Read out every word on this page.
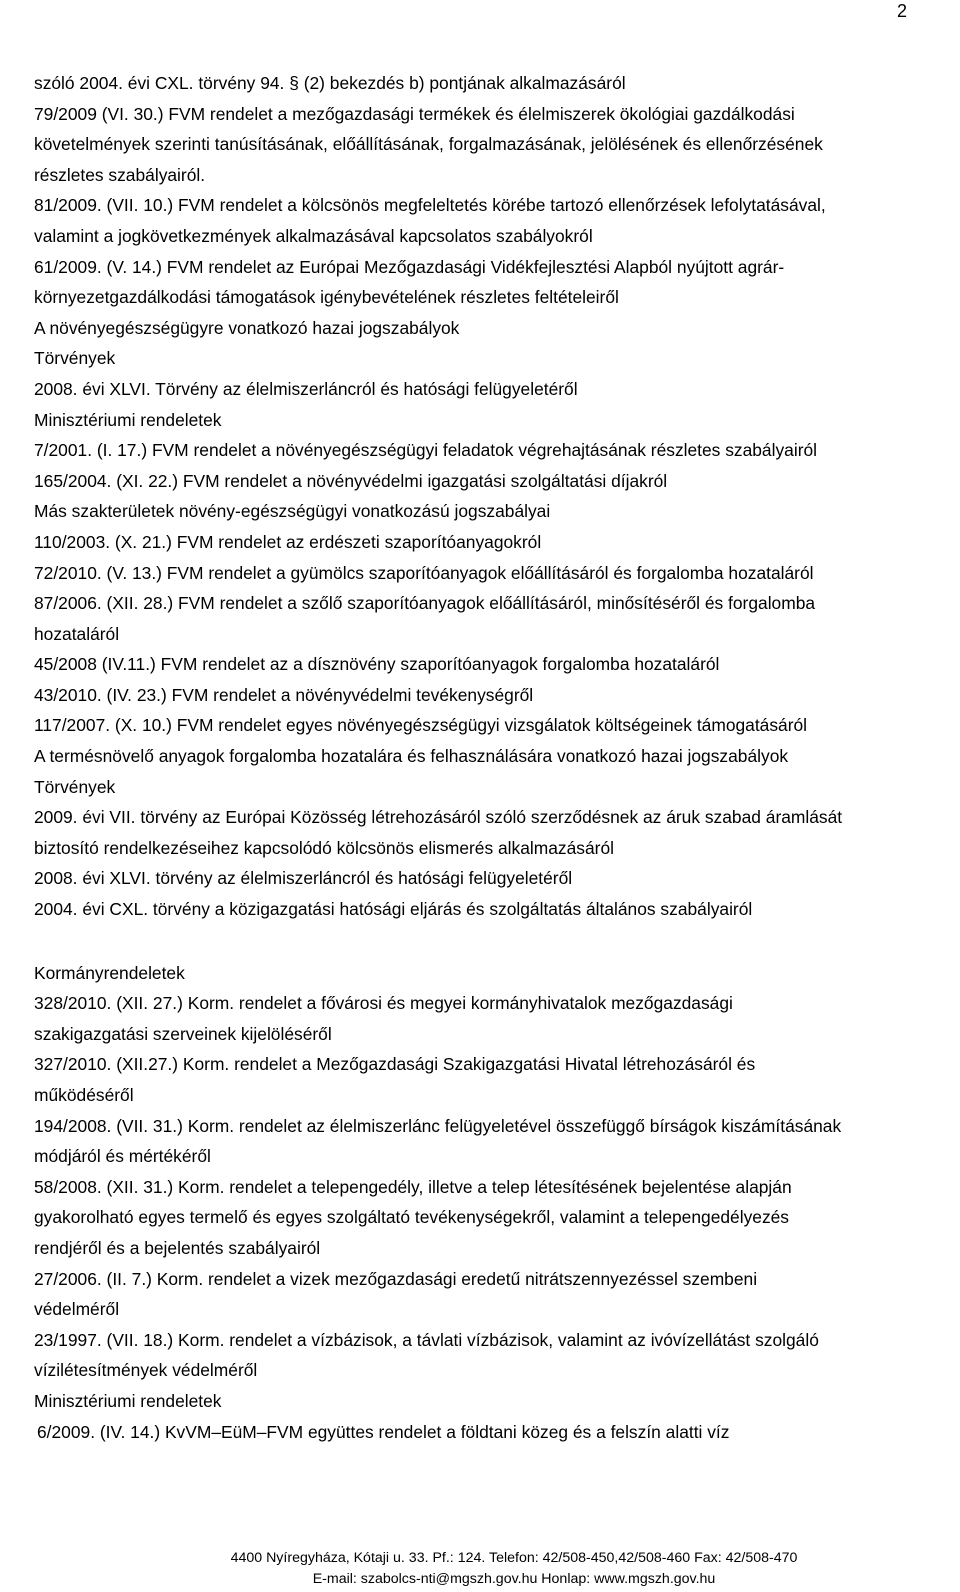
2
szóló 2004. évi CXL. törvény 94. § (2) bekezdés b) pontjának alkalmazásáról
79/2009 (VI. 30.) FVM rendelet a mezőgazdasági termékek és élelmiszerek ökológiai gazdálkodási
követelmények szerinti tanúsításának, előállításának, forgalmazásának, jelölésének és ellenőrzésének
részletes szabályairól.
81/2009. (VII. 10.) FVM rendelet a kölcsönös megfeleltetés körébe tartozó ellenőrzések lefolytatásával,
valamint a jogkövetkezmények alkalmazásával kapcsolatos szabályokról
61/2009. (V. 14.) FVM rendelet az Európai Mezőgazdasági Vidékfejlesztési Alapból nyújtott agrár-
környezetgazdálkodási támogatások igénybevételének részletes feltételeiről
A növényegészségügyre vonatkozó hazai jogszabályok
Törvények
2008. évi XLVI. Törvény az élelmiszerláncról és hatósági felügyeletéről
Minisztériumi rendeletek
7/2001. (I. 17.) FVM rendelet a növényegészségügyi feladatok végrehajtásának részletes szabályairól
165/2004. (XI. 22.) FVM rendelet a növényvédelmi igazgatási szolgáltatási díjakról
Más szakterületek növény-egészségügyi vonatkozású jogszabályai
110/2003. (X. 21.) FVM rendelet az erdészeti szaporítóanyagokról
72/2010. (V. 13.) FVM rendelet a gyümölcs szaporítóanyagok előállításáról és forgalomba hozataláról
87/2006. (XII. 28.) FVM rendelet a szőlő szaporítóanyagok előállításáról, minősítéséről és forgalomba
hozataláról
45/2008 (IV.11.) FVM rendelet az a dísznövény szaporítóanyagok forgalomba hozataláról
43/2010. (IV. 23.) FVM rendelet a növényvédelmi tevékenységről
117/2007. (X. 10.) FVM rendelet egyes növényegészségügyi vizsgálatok költségeinek támogatásáról
A termésnövelő anyagok forgalomba hozatalára és felhasználására vonatkozó hazai jogszabályok
Törvények
2009. évi VII. törvény az Európai Közösség létrehozásáról szóló szerződésnek az áruk szabad áramlását
biztosító rendelkezéseihez kapcsolódó kölcsönös elismerés alkalmazásáról
2008. évi XLVI. törvény az élelmiszerláncról és hatósági felügyeletéről
2004. évi CXL. törvény a közigazgatási hatósági eljárás és szolgáltatás általános szabályairól
Kormányrendeletek
328/2010. (XII. 27.) Korm. rendelet a fővárosi és megyei kormányhivatalok mezőgazdasági
szakigazgatási szerveinek kijelöléséről
327/2010. (XII.27.) Korm. rendelet a Mezőgazdasági Szakigazgatási Hivatal létrehozásáról és
működéséről
194/2008. (VII. 31.) Korm. rendelet az élelmiszerlánc felügyeletével összefüggő bírságok kiszámításának
módjáról és mértékéről
58/2008. (XII. 31.) Korm. rendelet a telepengedély, illetve a telep létesítésének bejelentése alapján
gyakorolható egyes termelő és egyes szolgáltató tevékenységekről, valamint a telepengedélyezés
rendjéről és a bejelentés szabályairól
27/2006. (II. 7.) Korm. rendelet a vizek mezőgazdasági eredetű nitrátszennyezéssel szembeni
védelméről
23/1997. (VII. 18.) Korm. rendelet a vízbázisok, a távlati vízbázisok, valamint az ivóvízellátást szolgáló
vízilétesítmények védelméről
Minisztériumi rendeletek
6/2009. (IV. 14.) KvVM–EüM–FVM együttes rendelet a földtani közeg és a felszín alatti víz
4400 Nyíregyháza, Kótaji u. 33. Pf.: 124. Telefon: 42/508-450,42/508-460 Fax: 42/508-470
E-mail: szabolcs-nti@mgszh.gov.hu Honlap: www.mgszh.gov.hu
